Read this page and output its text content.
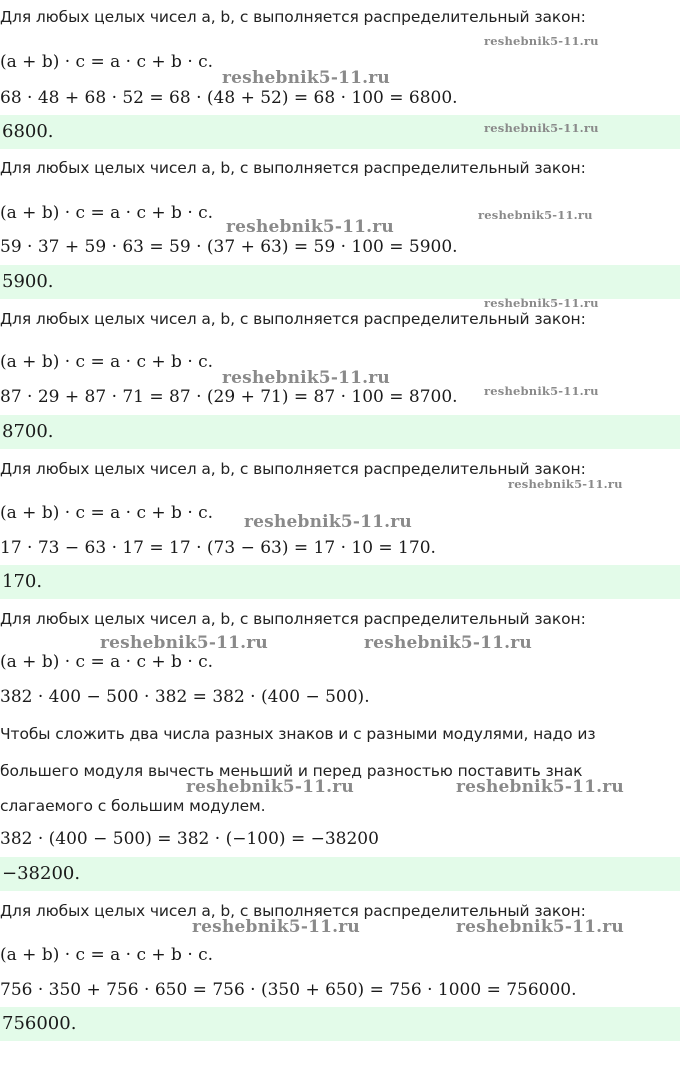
Для любых целых чисел a, b, c выполняется распределительный закон:
(a + b) · c = a · c + b · c.
68 · 48 + 68 · 52 = 68 · (48 + 52) = 68 · 100 = 6800.
6800.
Для любых целых чисел a, b, c выполняется распределительный закон:
(a + b) · c = a · c + b · c.
59 · 37 + 59 · 63 = 59 · (37 + 63) = 59 · 100 = 5900.
5900.
Для любых целых чисел a, b, c выполняется распределительный закон:
(a + b) · c = a · c + b · c.
87 · 29 + 87 · 71 = 87 · (29 + 71) = 87 · 100 = 8700.
8700.
Для любых целых чисел a, b, c выполняется распределительный закон:
(a + b) · c = a · c + b · c.
17 · 73 − 63 · 17 = 17 · (73 − 63) = 17 · 10 = 170.
170.
Для любых целых чисел a, b, c выполняется распределительный закон:
(a + b) · c = a · c + b · c.
382 · 400 − 500 · 382 = 382 · (400 − 500).
Чтобы сложить два числа разных знаков и с разными модулями, надо из
большего модуля вычесть меньший и перед разностью поставить знак
слагаемого с большим модулем.
382 · (400 − 500) = 382 · (−100) = −38200
−38200.
Для любых целых чисел a, b, c выполняется распределительный закон:
(a + b) · c = a · c + b · c.
756 · 350 + 756 · 650 = 756 · (350 + 650) = 756 · 1000 = 756000.
756000.
reshebnik5-11.ru
reshebnik5-11.ru
reshebnik5-11.ru
reshebnik5-11.ru
reshebnik5-11.ru
reshebnik5-11.ru
reshebnik5-11.ru
reshebnik5-11.ru
reshebnik5-11.ru
reshebnik5-11.ru
reshebnik5-11.ru	reshebnik5-11.ru
reshebnik5-11.ru	reshebnik5-11.ru
reshebnik5-11.ru	reshebnik5-11.ru
